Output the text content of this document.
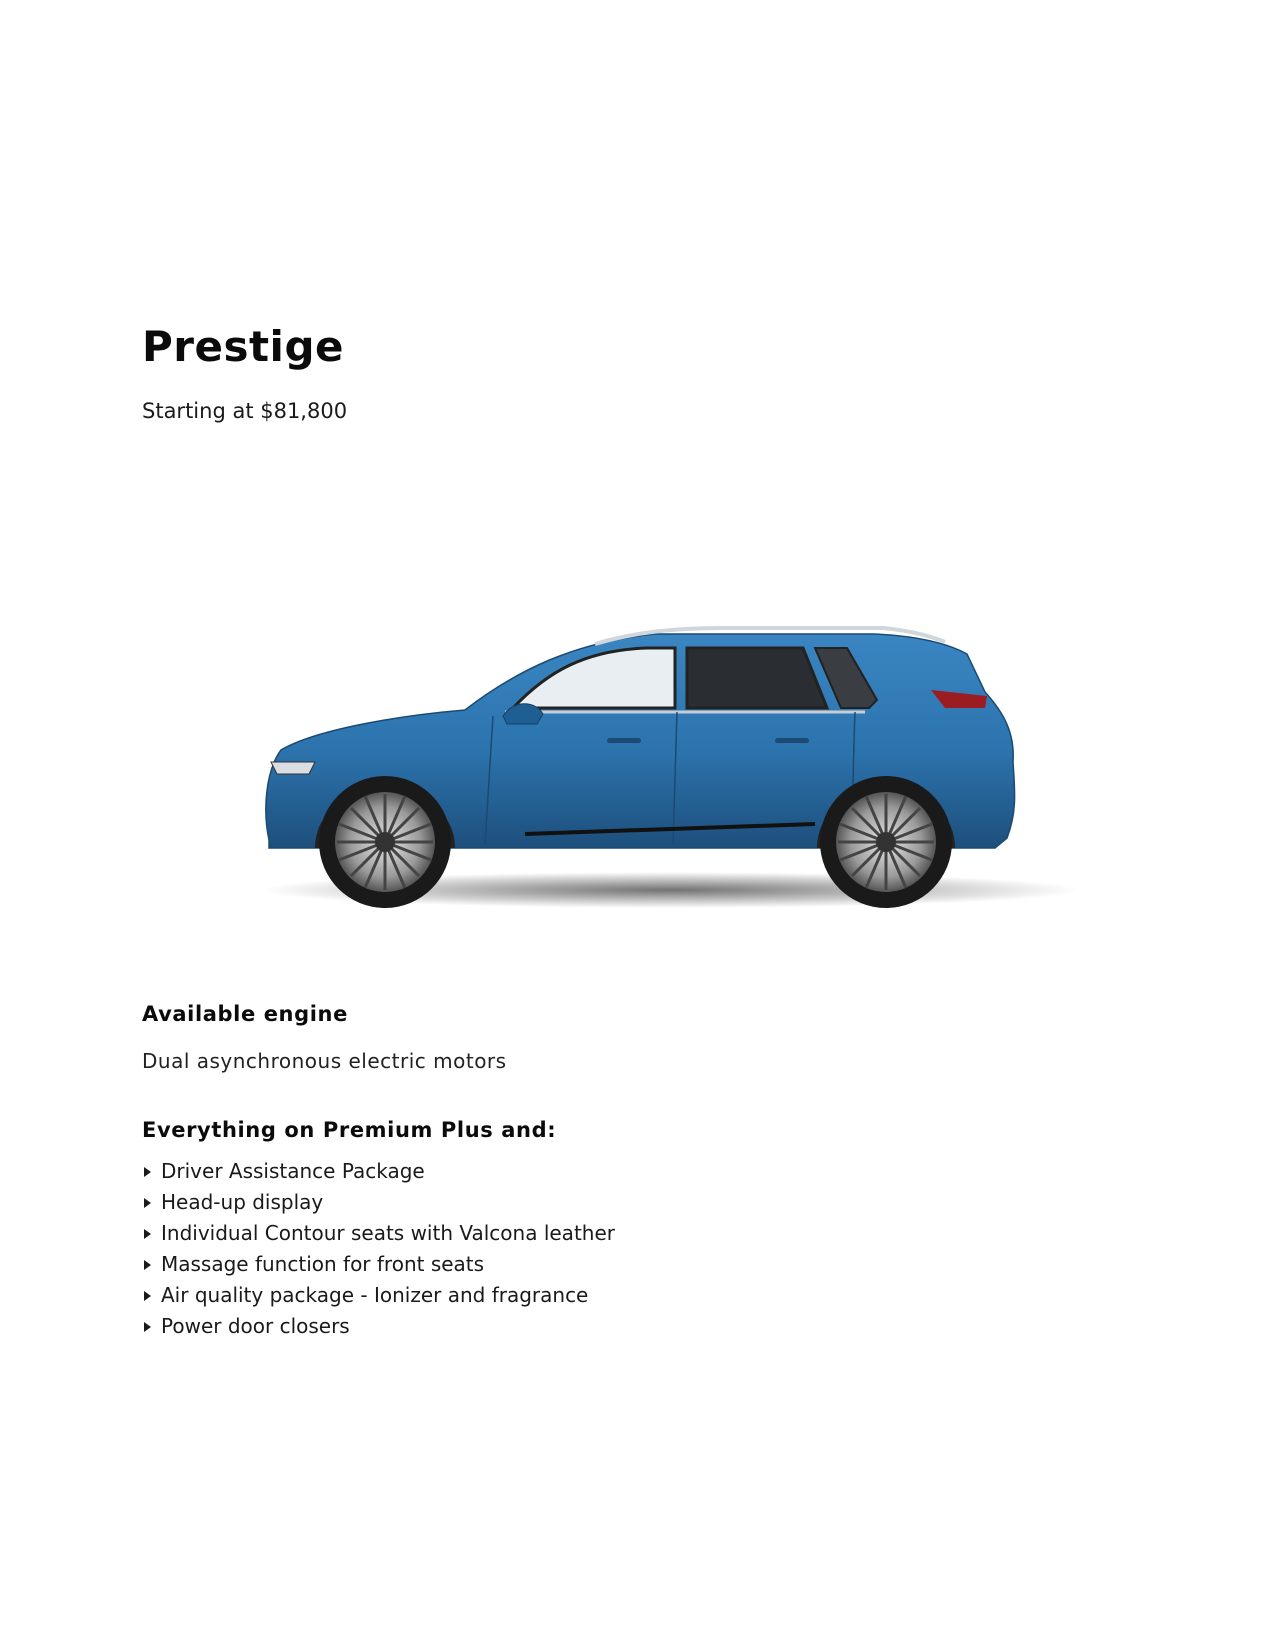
Prestige

Starting at $81,800

Available engine

Dual asynchronous electric motors

Everything on Premium Plus and:
Driver Assistance Package
Head-up display
Individual Contour seats with Valcona leather
Massage function for front seats
Air quality package - Ionizer and fragrance
Power door closers
